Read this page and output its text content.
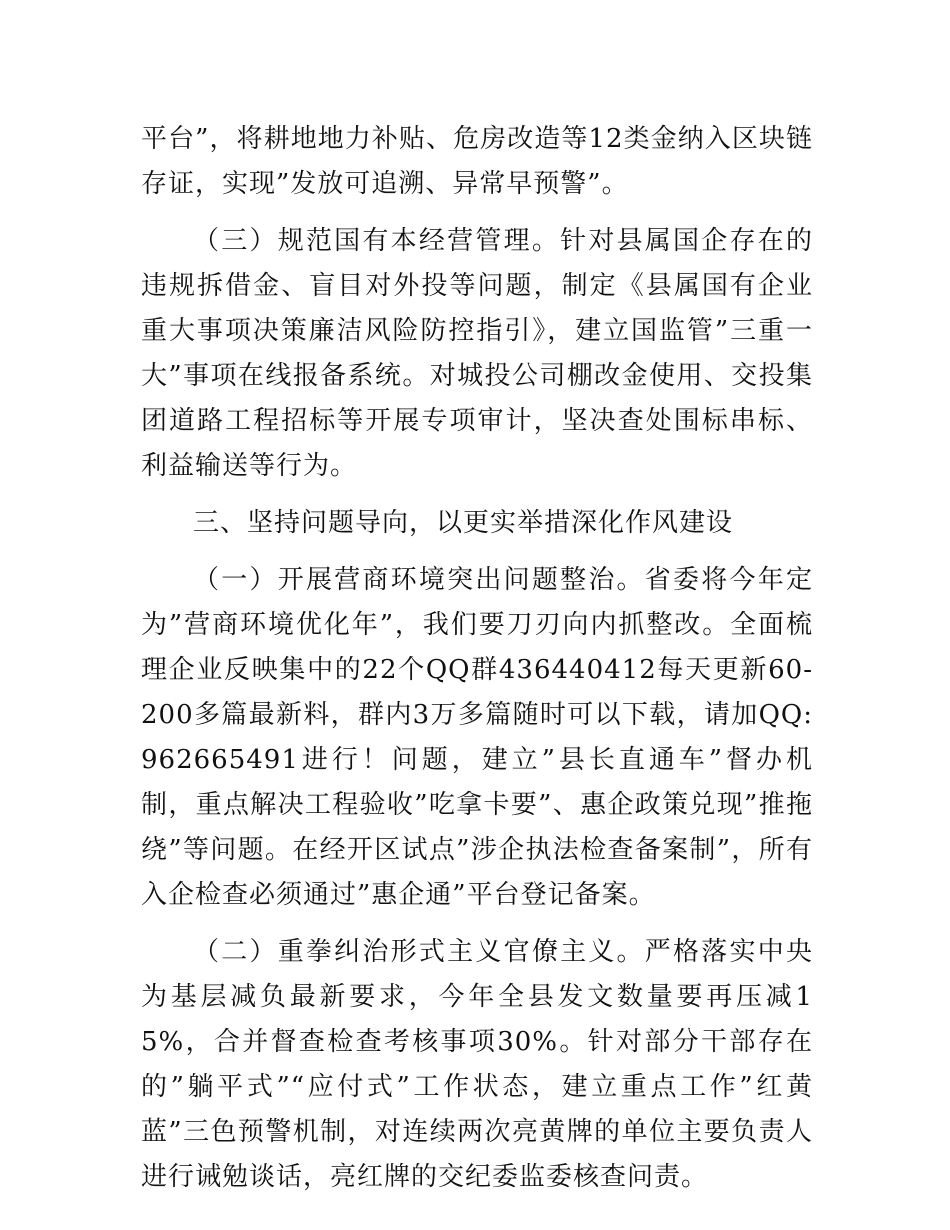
平台”，将耕地地力补贴、危房改造等12类金纳入区块链存证，实现”发放可追溯、异常早预警”。

（三）规范国有本经营管理。针对县属国企存在的违规拆借金、盲目对外投等问题，制定《县属国有企业重大事项决策廉洁风险防控指引》，建立国监管”三重一大”事项在线报备系统。对城投公司棚改金使用、交投集团道路工程招标等开展专项审计，坚决查处围标串标、利益输送等行为。

三、坚持问题导向，以更实举措深化作风建设

（一）开展营商环境突出问题整治。省委将今年定为”营商环境优化年”，我们要刀刃向内抓整改。全面梳理企业反映集中的22个QQ群436440412每天更新60-200多篇最新料，群内3万多篇随时可以下载，请加QQ:962665491进行！问题，建立”县长直通车”督办机制，重点解决工程验收”吃拿卡要”、惠企政策兑现”推拖绕”等问题。在经开区试点”涉企执法检查备案制”，所有入企检查必须通过”惠企通”平台登记备案。

（二）重拳纠治形式主义官僚主义。严格落实中央为基层减负最新要求，今年全县发文数量要再压减15%，合并督查检查考核事项30%。针对部分干部存在的”躺平式”“应付式”工作状态，建立重点工作”红黄蓝”三色预警机制，对连续两次亮黄牌的单位主要负责人进行诫勉谈话，亮红牌的交纪委监委核查问责。
